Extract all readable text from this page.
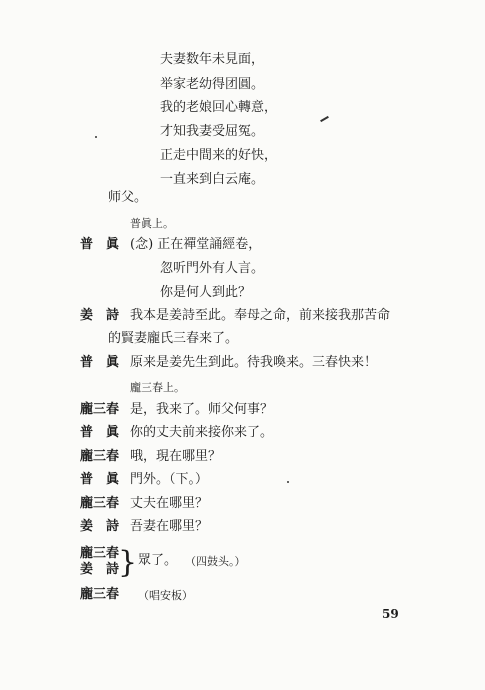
夫妻数年未見面，
举家老幼得团圓。
我的老娘回心轉意，
才知我妻受屈冤。
正走中間来的好快，
一直来到白云庵。
师父。
普眞上。
普　眞 (念) 正在禪堂誦經卷，
忽听門外有人言。
你是何人到此？
姜　詩 我本是姜詩至此。奉母之命，前来接我那苦命
的賢妻龐氏三春来了。
普　眞 原来是姜先生到此。待我喚来。三春快来！
龐三春上。
龐三春 是，我来了。师父何事？
普　眞 你的丈夫前来接你来了。
龐三春 哦，現在哪里？
普　眞 門外。（下。）
龐三春 丈夫在哪里？
姜　詩 吾妻在哪里？
龐三春
姜　詩
} 眾了。 （四鼓头。）
龐三春 （唱安板）
59
